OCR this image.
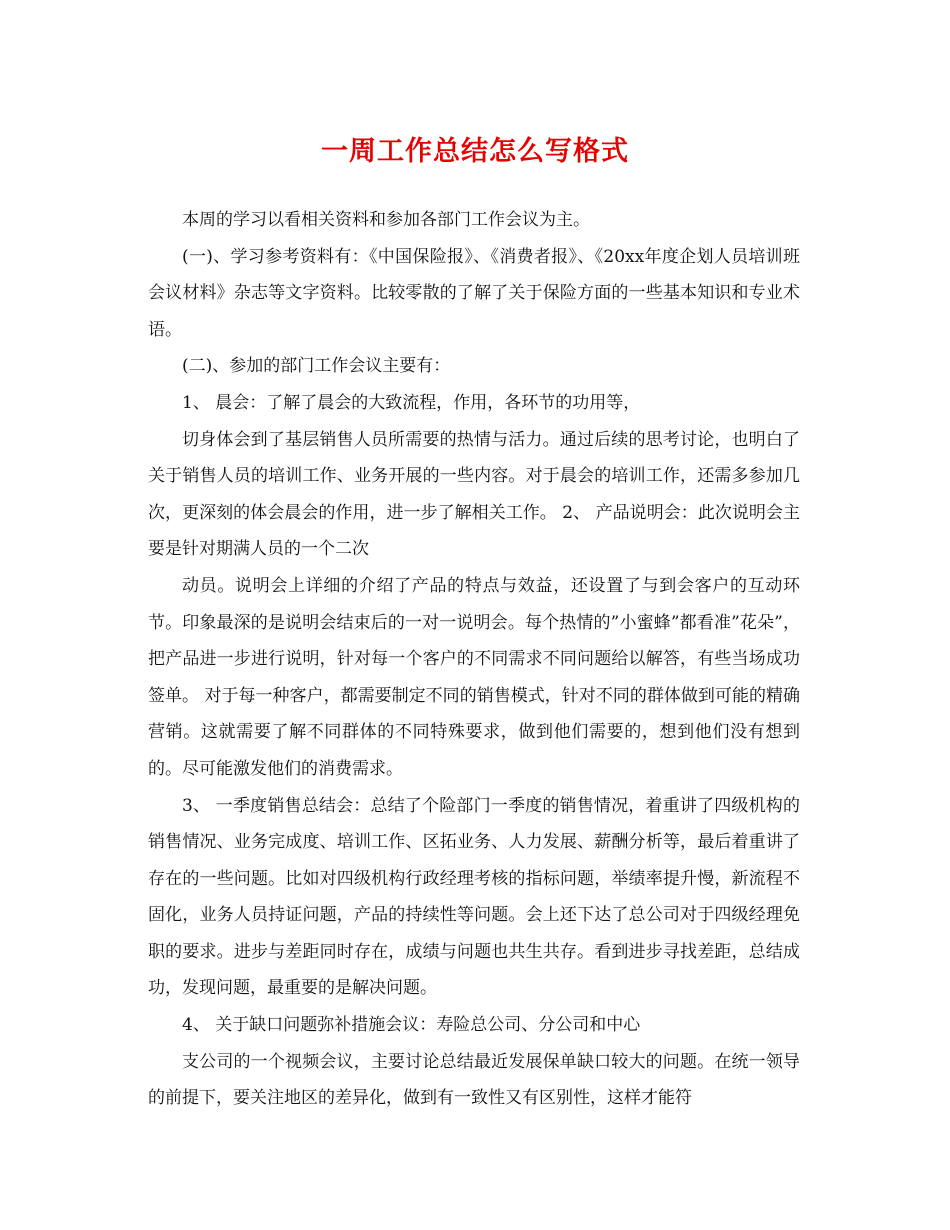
一周工作总结怎么写格式

本周的学习以看相关资料和参加各部门工作会议为主。

(一)、学习参考资料有：《中国保险报》、《消费者报》、《20xx年度企划人员培训班会议材料》杂志等文字资料。比较零散的了解了关于保险方面的一些基本知识和专业术语。

(二)、参加的部门工作会议主要有：

1、 晨会：了解了晨会的大致流程，作用，各环节的功用等，

切身体会到了基层销售人员所需要的热情与活力。通过后续的思考讨论，也明白了关于销售人员的培训工作、业务开展的一些内容。对于晨会的培训工作，还需多参加几次，更深刻的体会晨会的作用，进一步了解相关工作。 2、 产品说明会：此次说明会主要是针对期满人员的一个二次

动员。说明会上详细的介绍了产品的特点与效益，还设置了与到会客户的互动环节。印象最深的是说明会结束后的一对一说明会。每个热情的”小蜜蜂”都看准”花朵”，把产品进一步进行说明，针对每一个客户的不同需求不同问题给以解答，有些当场成功签单。 对于每一种客户，都需要制定不同的销售模式，针对不同的群体做到可能的精确营销。这就需要了解不同群体的不同特殊要求，做到他们需要的，想到他们没有想到的。尽可能激发他们的消费需求。

3、 一季度销售总结会：总结了个险部门一季度的销售情况，着重讲了四级机构的销售情况、业务完成度、培训工作、区拓业务、人力发展、薪酬分析等，最后着重讲了存在的一些问题。比如对四级机构行政经理考核的指标问题，举绩率提升慢，新流程不固化，业务人员持证问题，产品的持续性等问题。会上还下达了总公司对于四级经理免职的要求。进步与差距同时存在，成绩与问题也共生共存。看到进步寻找差距，总结成功，发现问题，最重要的是解决问题。

4、 关于缺口问题弥补措施会议：寿险总公司、分公司和中心

支公司的一个视频会议，主要讨论总结最近发展保单缺口较大的问题。在统一领导的前提下，要关注地区的差异化，做到有一致性又有区别性，这样才能符
